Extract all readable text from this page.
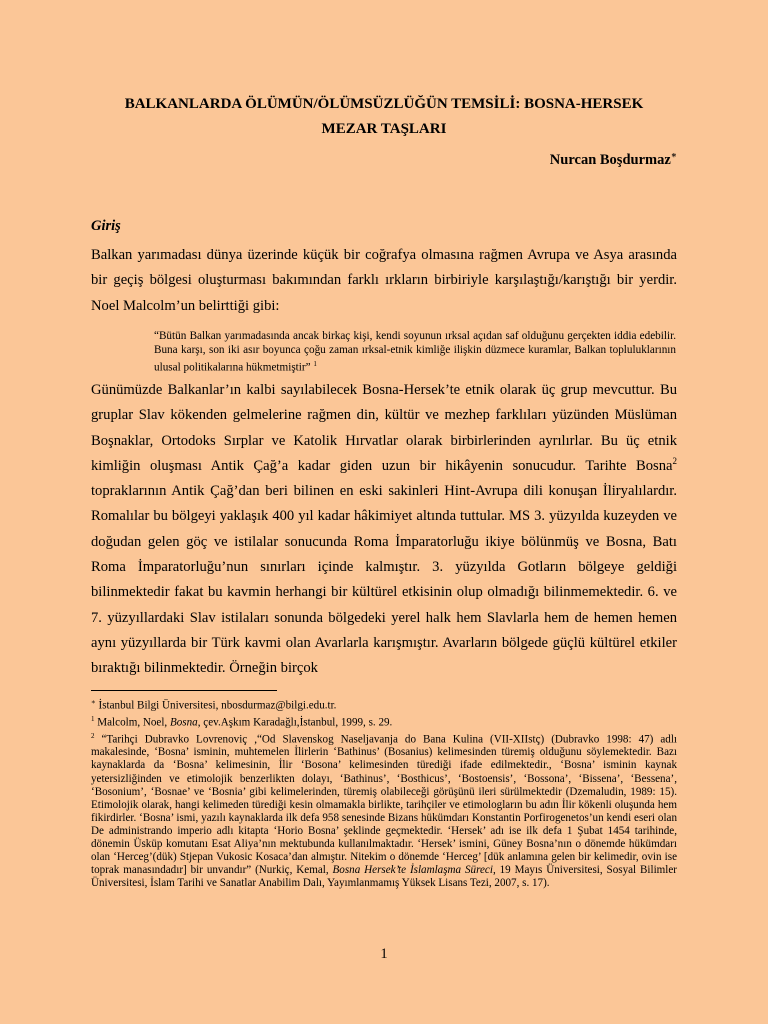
BALKANLARDA ÖLÜMÜN/ÖLÜMSÜZLÜĞÜN TEMSİLİ: BOSNA-HERSEK
MEZAR TAŞLARI
Nurcan Boşdurmaz∗
Giriş

Balkan yarımadası dünya üzerinde küçük bir coğrafya olmasına rağmen Avrupa ve Asya arasında bir geçiş bölgesi oluşturması bakımından farklı ırkların birbiriyle karşılaştığı/karıştığı bir yerdir. Noel Malcolm’un belirttiği gibi:

“Bütün Balkan yarımadasında ancak birkaç kişi, kendi soyunun ırksal açıdan saf olduğunu gerçekten iddia edebilir. Buna karşı, son iki asır boyunca çoğu zaman ırksal-etnik kimliğe ilişkin düzmece kuramlar, Balkan topluluklarının ulusal politikalarına hükmetmiştir” $^1$

Günümüzde Balkanlar’ın kalbi sayılabilecek Bosna-Hersek’te etnik olarak üç grup mevcuttur. Bu gruplar Slav kökenden gelmelerine rağmen din, kültür ve mezhep farklıları yüzünden Müslüman Boşnaklar, Ortodoks Sırplar ve Katolik Hırvatlar olarak birbirlerinden ayrılırlar. Bu üç etnik kimliğin oluşması Antik Çağ’a kadar giden uzun bir hikâyenin sonucudur. Tarihte Bosna$^2$ topraklarının Antik Çağ’dan beri bilinen en eski sakinleri Hint-Avrupa dili konuşan İliryalılardır. Romalılar bu bölgeyi yaklaşık 400 yıl kadar hâkimiyet altında tuttular. MS 3. yüzyılda kuzeyden ve doğudan gelen göç ve istilalar sonucunda Roma İmparatorluğu ikiye bölünmüş ve Bosna, Batı Roma İmparatorluğu’nun sınırları içinde kalmıştır. 3. yüzyılda Gotların bölgeye geldiği bilinmektedir fakat bu kavmin herhangi bir kültürel etkisinin olup olmadığı bilinmemektedir. 6. ve 7. yüzyıllardaki Slav istilaları sonunda bölgedeki yerel halk hem Slavlarla hem de hemen hemen aynı yüzyıllarda bir Türk kavmi olan Avarlarla karışmıştır. Avarların bölgede güçlü kültürel etkiler bıraktığı bilinmektedir. Örneğin birçok

∗ İstanbul Bilgi Üniversitesi, nbosdurmaz@bilgi.edu.tr.

$^1$ Malcolm, Noel, Bosna, çev.Aşkım Karadağlı,İstanbul, 1999, s. 29.

$^2$ “Tarihçi Dubravko Lovrenoviç ,“Od Slavenskog Naseljavanja do Bana Kulina (VII-XIIstç) (Dubravko 1998: 47) adlı makalesinde, ‘Bosna’ isminin, muhtemelen İlirlerin ‘Bathinus’ (Bosanius) kelimesinden türemiş olduğunu söylemektedir. Bazı kaynaklarda da ‘Bosna’ kelimesinin, İlir ‘Bosona’ kelimesinden türediği ifade edilmektedir., ‘Bosna’ isminin kaynak yetersizliğinden ve etimolojik benzerlikten dolayı, ‘Bathinus’, ‘Bosthicus’, ‘Bostoensis’, ‘Bossona’, ‘Bissena’, ‘Bessena’, ‘Bosonium’, ‘Bosnae’ ve ‘Bosnia’ gibi kelimelerinden, türemiş olabileceği görüşünü ileri sürülmektedir (Dzemaludin, 1989: 15). Etimolojik olarak, hangi kelimeden türediği kesin olmamakla birlikte, tarihçiler ve etimologların bu adın İlir kökenli oluşunda hem fikirdirler. ‘Bosna’ ismi, yazılı kaynaklarda ilk defa 958 senesinde Bizans hükümdarı Konstantin Porfirogenetos’un kendi eseri olan De administrando imperio adlı kitapta ‘Horio Bosna’ şeklinde geçmektedir. ‘Hersek’ adı ise ilk defa 1 Şubat 1454 tarihinde, dönemin Üsküp komutanı Esat Aliya’nın mektubunda kullanılmaktadır. ‘Hersek’ ismini, Güney Bosna’nın o dönemde hükümdarı olan ‘Herceg’(dük) Stjepan Vukosic Kosaca’dan almıştır. Nitekim o dönemde ‘Herceg’ [dük anlamına gelen bir kelimedir, ovin ise toprak manasındadır] bir unvandır” (Nurkiç, Kemal, Bosna Hersek’te İslamlaşma Süreci, 19 Mayıs Üniversitesi, Sosyal Bilimler Üniversitesi, İslam Tarihi ve Sanatlar Anabilim Dalı, Yayımlanmamış Yüksek Lisans Tezi, 2007, s. 17).

1
